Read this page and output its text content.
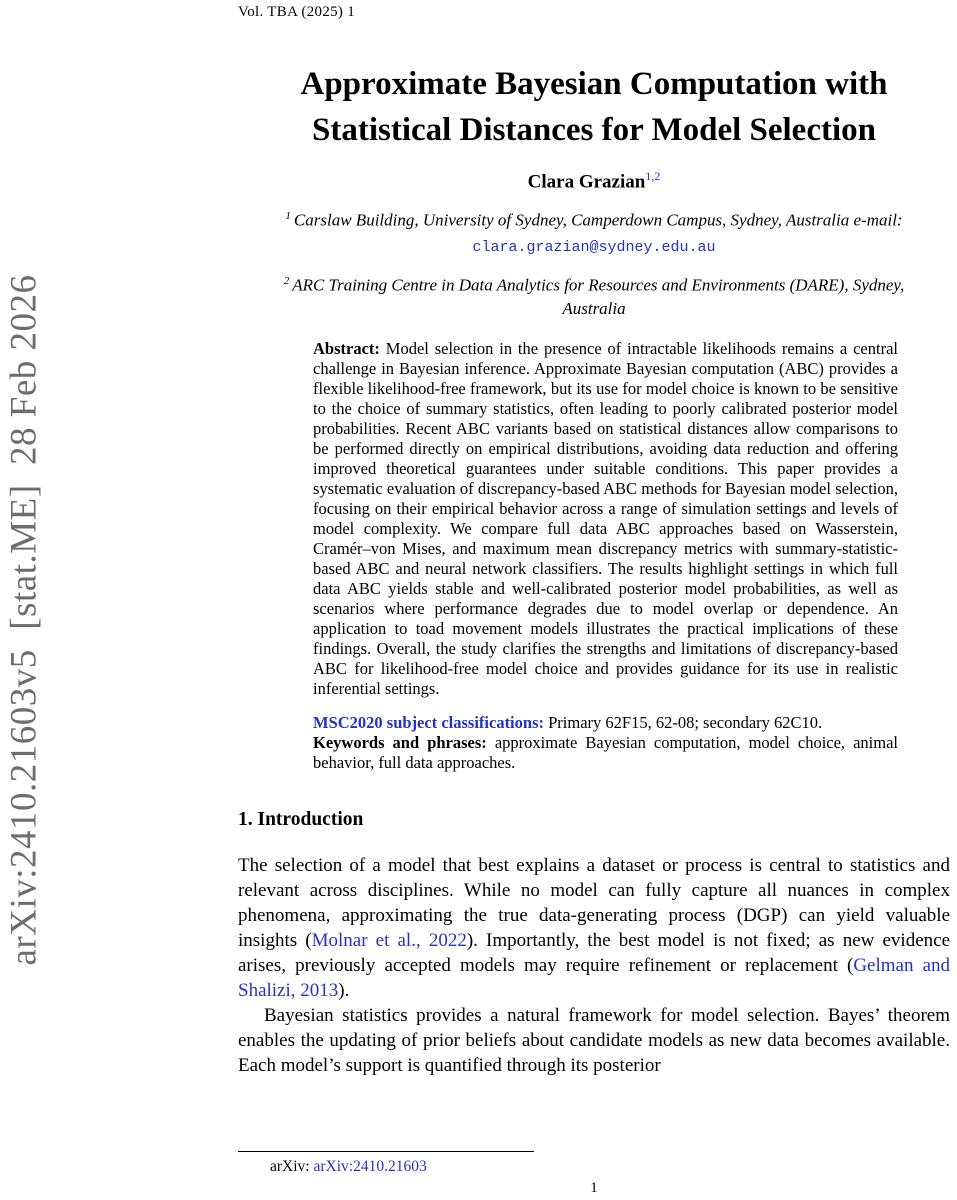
Vol. TBA (2025) 1
arXiv:2410.21603v5  [stat.ME]  28 Feb 2026
Approximate Bayesian Computation with Statistical Distances for Model Selection
Clara Grazian$^{1,2}$
$^1$ Carslaw Building, University of Sydney, Camperdown Campus, Sydney, Australia e-mail:
clara.grazian@sydney.edu.au
$^2$ ARC Training Centre in Data Analytics for Resources and Environments (DARE), Sydney, Australia
Abstract: Model selection in the presence of intractable likelihoods remains a central challenge in Bayesian inference. Approximate Bayesian computation (ABC) provides a flexible likelihood-free framework, but its use for model choice is known to be sensitive to the choice of summary statistics, often leading to poorly calibrated posterior model probabilities. Recent ABC variants based on statistical distances allow comparisons to be performed directly on empirical distributions, avoiding data reduction and offering improved theoretical guarantees under suitable conditions. This paper provides a systematic evaluation of discrepancy-based ABC methods for Bayesian model selection, focusing on their empirical behavior across a range of simulation settings and levels of model complexity. We compare full data ABC approaches based on Wasserstein, Cramér–von Mises, and maximum mean discrepancy metrics with summary-statistic-based ABC and neural network classifiers. The results highlight settings in which full data ABC yields stable and well-calibrated posterior model probabilities, as well as scenarios where performance degrades due to model overlap or dependence. An application to toad movement models illustrates the practical implications of these findings. Overall, the study clarifies the strengths and limitations of discrepancy-based ABC for likelihood-free model choice and provides guidance for its use in realistic inferential settings.
MSC2020 subject classifications: Primary 62F15, 62-08; secondary 62C10.
Keywords and phrases: approximate Bayesian computation, model choice, animal behavior, full data approaches.
1. Introduction

The selection of a model that best explains a dataset or process is central to statistics and relevant across disciplines. While no model can fully capture all nuances in complex phenomena, approximating the true data-generating process (DGP) can yield valuable insights (Molnar et al., 2022). Importantly, the best model is not fixed; as new evidence arises, previously accepted models may require refinement or replacement (Gelman and Shalizi, 2013).

Bayesian statistics provides a natural framework for model selection. Bayes’ theorem enables the updating of prior beliefs about candidate models as new data becomes available. Each model’s support is quantified through its posterior

arXiv: arXiv:2410.21603
1
